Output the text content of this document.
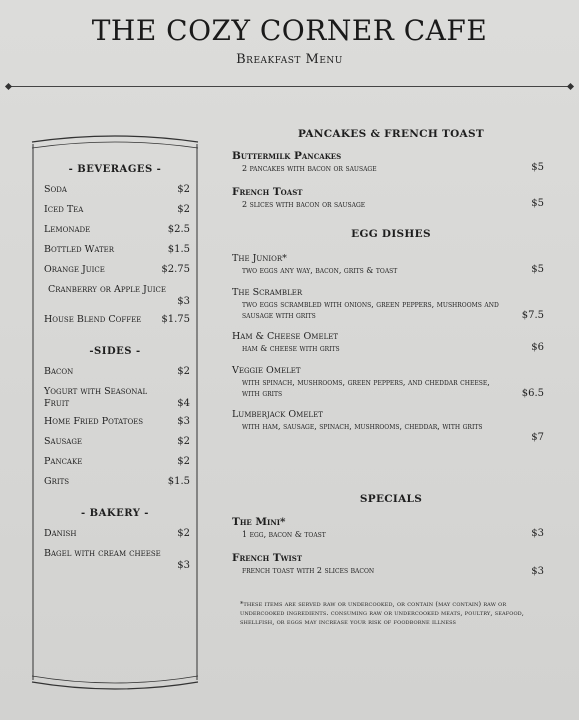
THE COZY CORNER CAFE
Breakfast Menu
- BEVERAGES -
Soda	$2
Iced Tea	$2
Lemonade	$2.5
Bottled Water	$1.5
Orange Juice	$2.75
Cranberry or Apple Juice
$3
House Blend Coffee $1.75
-SIDES -
Bacon	$2
Yogurt with Seasonal Fruit	$4
Home Fried Potatoes	$3
Sausage	$2
Pancake	$2
Grits	$1.5
- BAKERY -
Danish	$2
Bagel with cream cheese
$3
PANCAKES & FRENCH TOAST
Buttermilk Pancakes
2 pancakes with bacon or sausage	$5
French Toast
2 slices with bacon or sausage	$5
EGG DISHES
The Junior*
two eggs any way, bacon, grits & toast	$5
The Scrambler
two eggs scrambled with onions, green peppers, mushrooms and sausage with grits	$7.5
Ham & Cheese Omelet
ham & cheese with grits	$6
Veggie Omelet
with spinach, mushrooms, green peppers, and cheddar cheese, with grits	$6.5
Lumberjack Omelet
with ham, sausage, spinach, mushrooms, cheddar, with grits
$7
SPECIALS
The Mini*
1 egg, bacon & toast	$3
French Twist
french toast with 2 slices bacon	$3
*these items are served raw or undercooked, or contain (may contain) raw or undercooked ingredients. consuming raw or undercooked meats, poultry, seafood, shellfish, or eggs may increase your risk of foodborne illness
